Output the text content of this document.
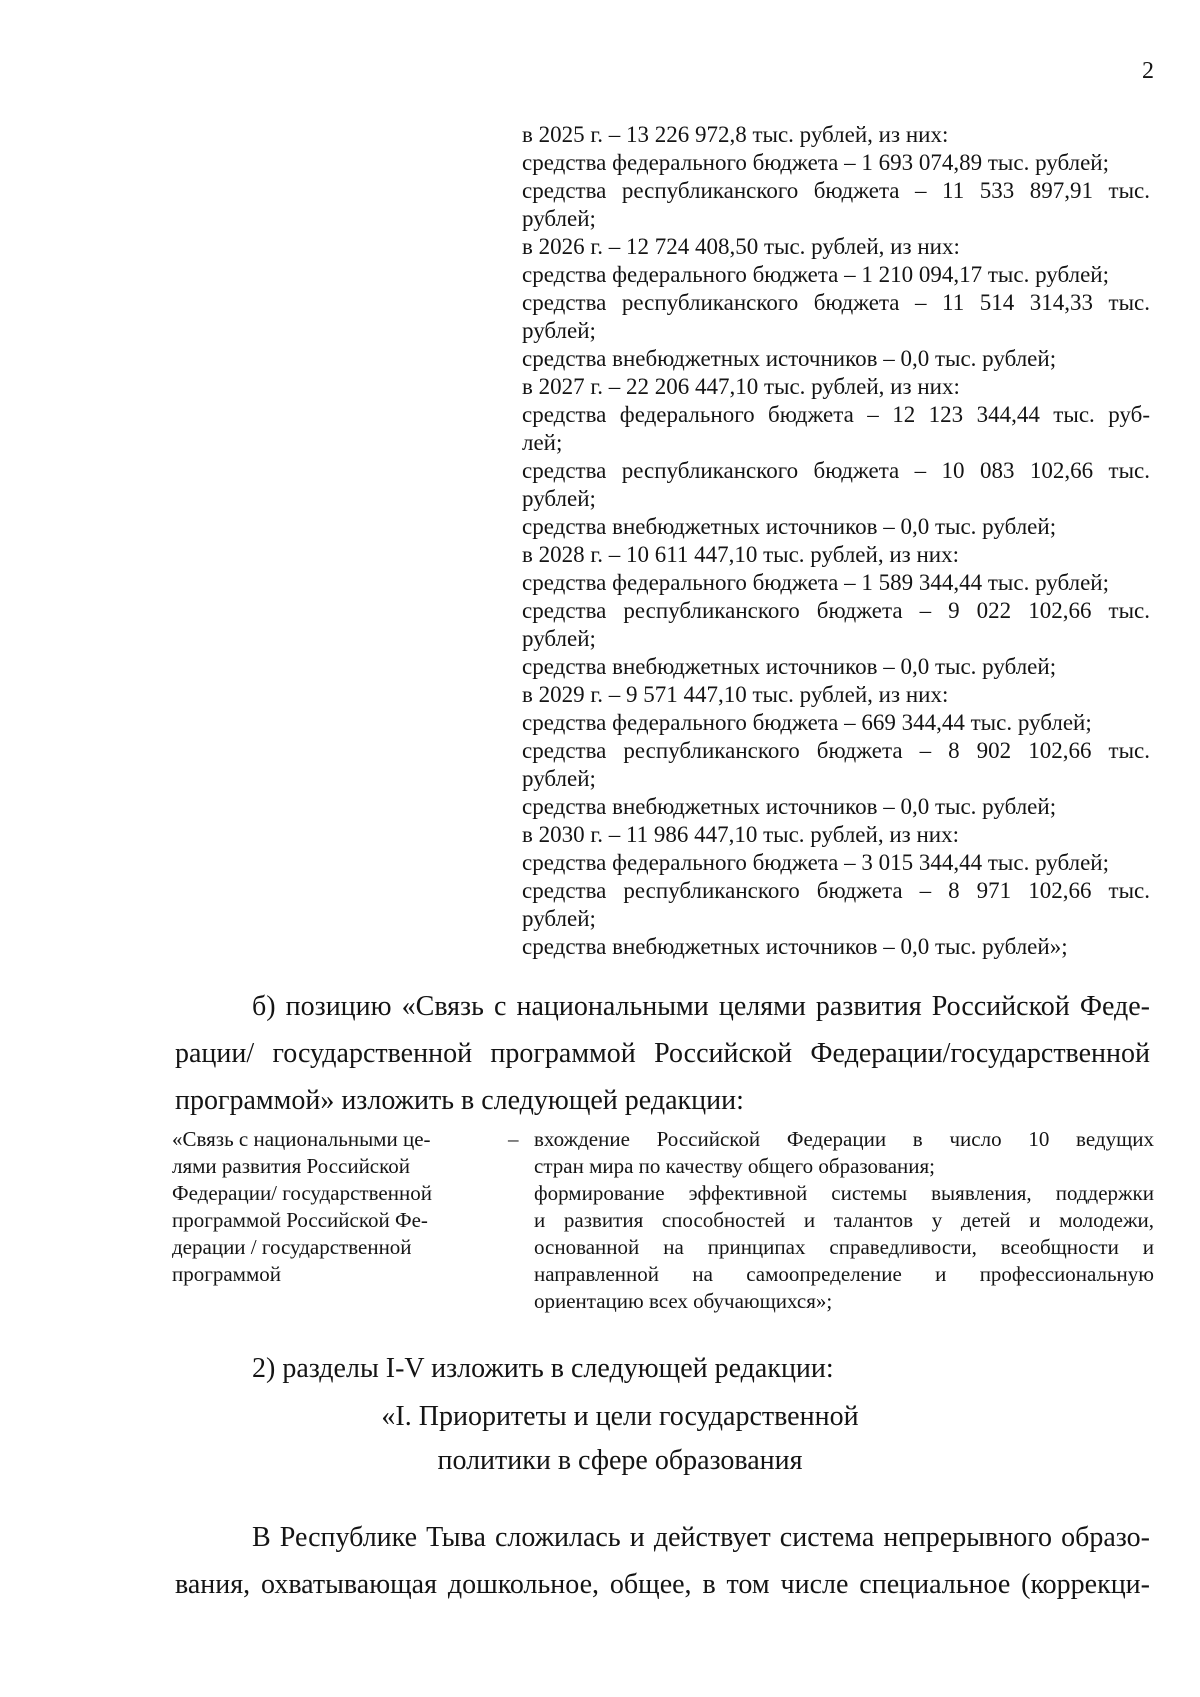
2
в 2025 г. – 13 226 972,8 тыс. рублей, из них:
средства федерального бюджета – 1 693 074,89 тыс. рублей;
средства республиканского бюджета – 11 533 897,91 тыс.
рублей;
в 2026 г. – 12 724 408,50 тыс. рублей, из них:
средства федерального бюджета – 1 210 094,17 тыс. рублей;
средства республиканского бюджета – 11 514 314,33 тыс.
рублей;
средства внебюджетных источников – 0,0 тыс. рублей;
в 2027 г. – 22 206 447,10 тыс. рублей, из них:
средства федерального бюджета – 12 123 344,44 тыс. руб-
лей;
средства республиканского бюджета – 10 083 102,66 тыс.
рублей;
средства внебюджетных источников – 0,0 тыс. рублей;
в 2028 г. – 10 611 447,10 тыс. рублей, из них:
средства федерального бюджета – 1 589 344,44 тыс. рублей;
средства республиканского бюджета – 9 022 102,66 тыс.
рублей;
средства внебюджетных источников – 0,0 тыс. рублей;
в 2029 г. – 9 571 447,10 тыс. рублей, из них:
средства федерального бюджета – 669 344,44 тыс. рублей;
средства республиканского бюджета – 8 902 102,66 тыс.
рублей;
средства внебюджетных источников – 0,0 тыс. рублей;
в 2030 г. – 11 986 447,10 тыс. рублей, из них:
средства федерального бюджета – 3 015 344,44 тыс. рублей;
средства республиканского бюджета – 8 971 102,66 тыс.
рублей;
средства внебюджетных источников – 0,0 тыс. рублей»;
б) позицию «Связь с национальными целями развития Российской Феде-
рации/ государственной программой Российской Федерации/государственной
программой» изложить в следующей редакции:
«Связь с национальными це-
лями развития Российской
Федерации/ государственной
программой Российской Фе-
дерации / государственной
программой
– вхождение Российской Федерации в число 10 ведущих
стран мира по качеству общего образования;
формирование эффективной системы выявления, поддержки
и развития способностей и талантов у детей и молодежи,
основанной на принципах справедливости, всеобщности и
направленной на самоопределение и профессиональную
ориентацию всех обучающихся»;
2) разделы I-V изложить в следующей редакции:
«I. Приоритеты и цели государственной
политики в сфере образования
В Республике Тыва сложилась и действует система непрерывного образо-
вания, охватывающая дошкольное, общее, в том числе специальное (коррекци-
